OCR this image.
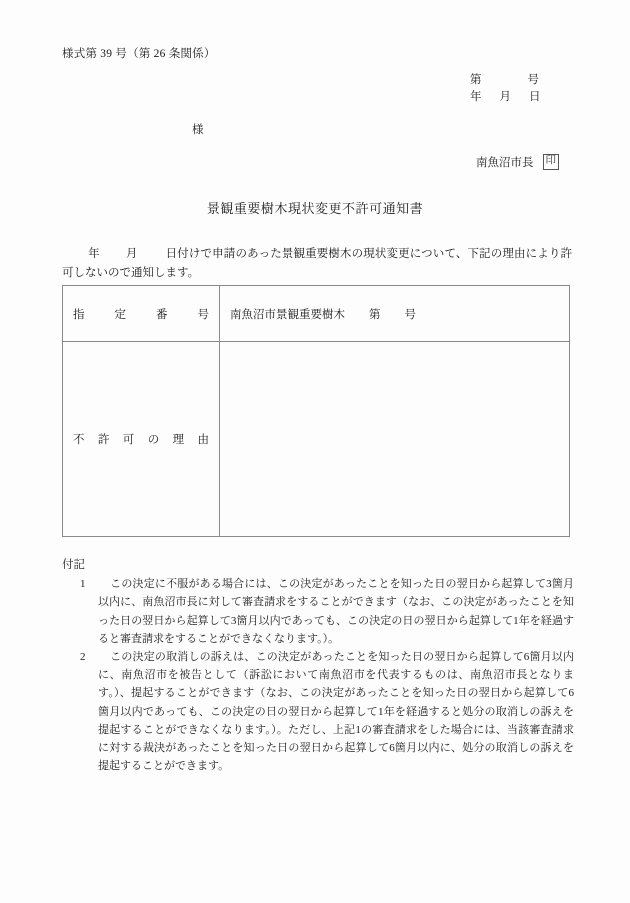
様式第 39 号（第 26 条関係）
第	号
年 月 日
様
南魚沼市長 印
景観重要樹木現状変更不許可通知書
年 月 日付けで申請のあった景観重要樹木の現状変更について、下記の理由により許可しないので通知します。
指定番号	南魚沼市景観重要樹木 第 号

不許可の理由	

付記
1 この決定に不服がある場合には、この決定があったことを知った日の翌日から起算して3箇月以内に、南魚沼市長に対して審査請求をすることができます（なお、この決定があったことを知った日の翌日から起算して3箇月以内であっても、この決定の日の翌日から起算して1年を経過すると審査請求をすることができなくなります。）。
2 この決定の取消しの訴えは、この決定があったことを知った日の翌日から起算して6箇月以内に、南魚沼市を被告として（訴訟において南魚沼市を代表するものは、南魚沼市長となります。）、提起することができます（なお、この決定があったことを知った日の翌日から起算して6箇月以内であっても、この決定の日の翌日から起算して1年を経過すると処分の取消しの訴えを提起することができなくなります。）。ただし、上記1の審査請求をした場合には、当該審査請求に対する裁決があったことを知った日の翌日から起算して6箇月以内に、処分の取消しの訴えを提起することができます。
